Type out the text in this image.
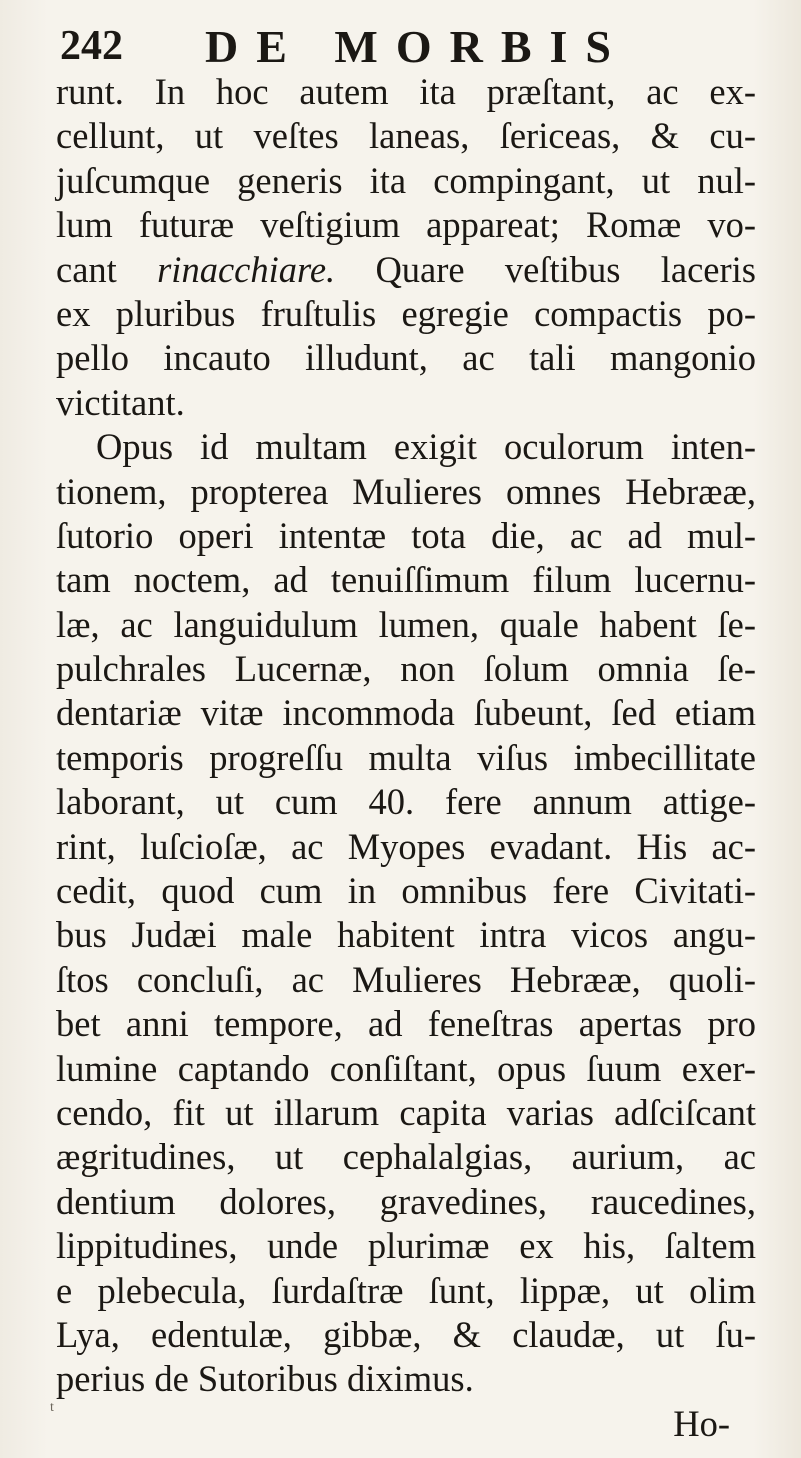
242 DE MORBIS
runt. In hoc autem ita præſtant, ac ex-
cellunt, ut veſtes laneas, ſericeas, & cu-
juſcumque generis ita compingant, ut nul-
lum futuræ veſtigium appareat; Romæ vo-
cant rinacchiare. Quare veſtibus laceris
ex pluribus fruſtulis egregie compactis po-
pello incauto illudunt, ac tali mangonio
victitant.
Opus id multam exigit oculorum inten-
tionem, propterea Mulieres omnes Hebrææ,
ſutorio operi intentæ tota die, ac ad mul-
tam noctem, ad tenuiſſimum filum lucernu-
læ, ac languidulum lumen, quale habent ſe-
pulchrales Lucernæ, non ſolum omnia ſe-
dentariæ vitæ incommoda ſubeunt, ſed etiam
temporis progreſſu multa viſus imbecillitate
laborant, ut cum 40. fere annum attige-
rint, luſcioſæ, ac Myopes evadant. His ac-
cedit, quod cum in omnibus fere Civitati-
bus Judæi male habitent intra vicos angu-
ſtos concluſi, ac Mulieres Hebrææ, quoli-
bet anni tempore, ad feneſtras apertas pro
lumine captando conſiſtant, opus ſuum exer-
cendo, fit ut illarum capita varias adſciſcant
ægritudines, ut cephalalgias, aurium, ac
dentium dolores, gravedines, raucedines,
lippitudines, unde plurimæ ex his, ſaltem
e plebecula, ſurdaſtræ ſunt, lippæ, ut olim
Lya, edentulæ, gibbæ, & claudæ, ut ſu-
perius de Sutoribus diximus.
Ho-
t
